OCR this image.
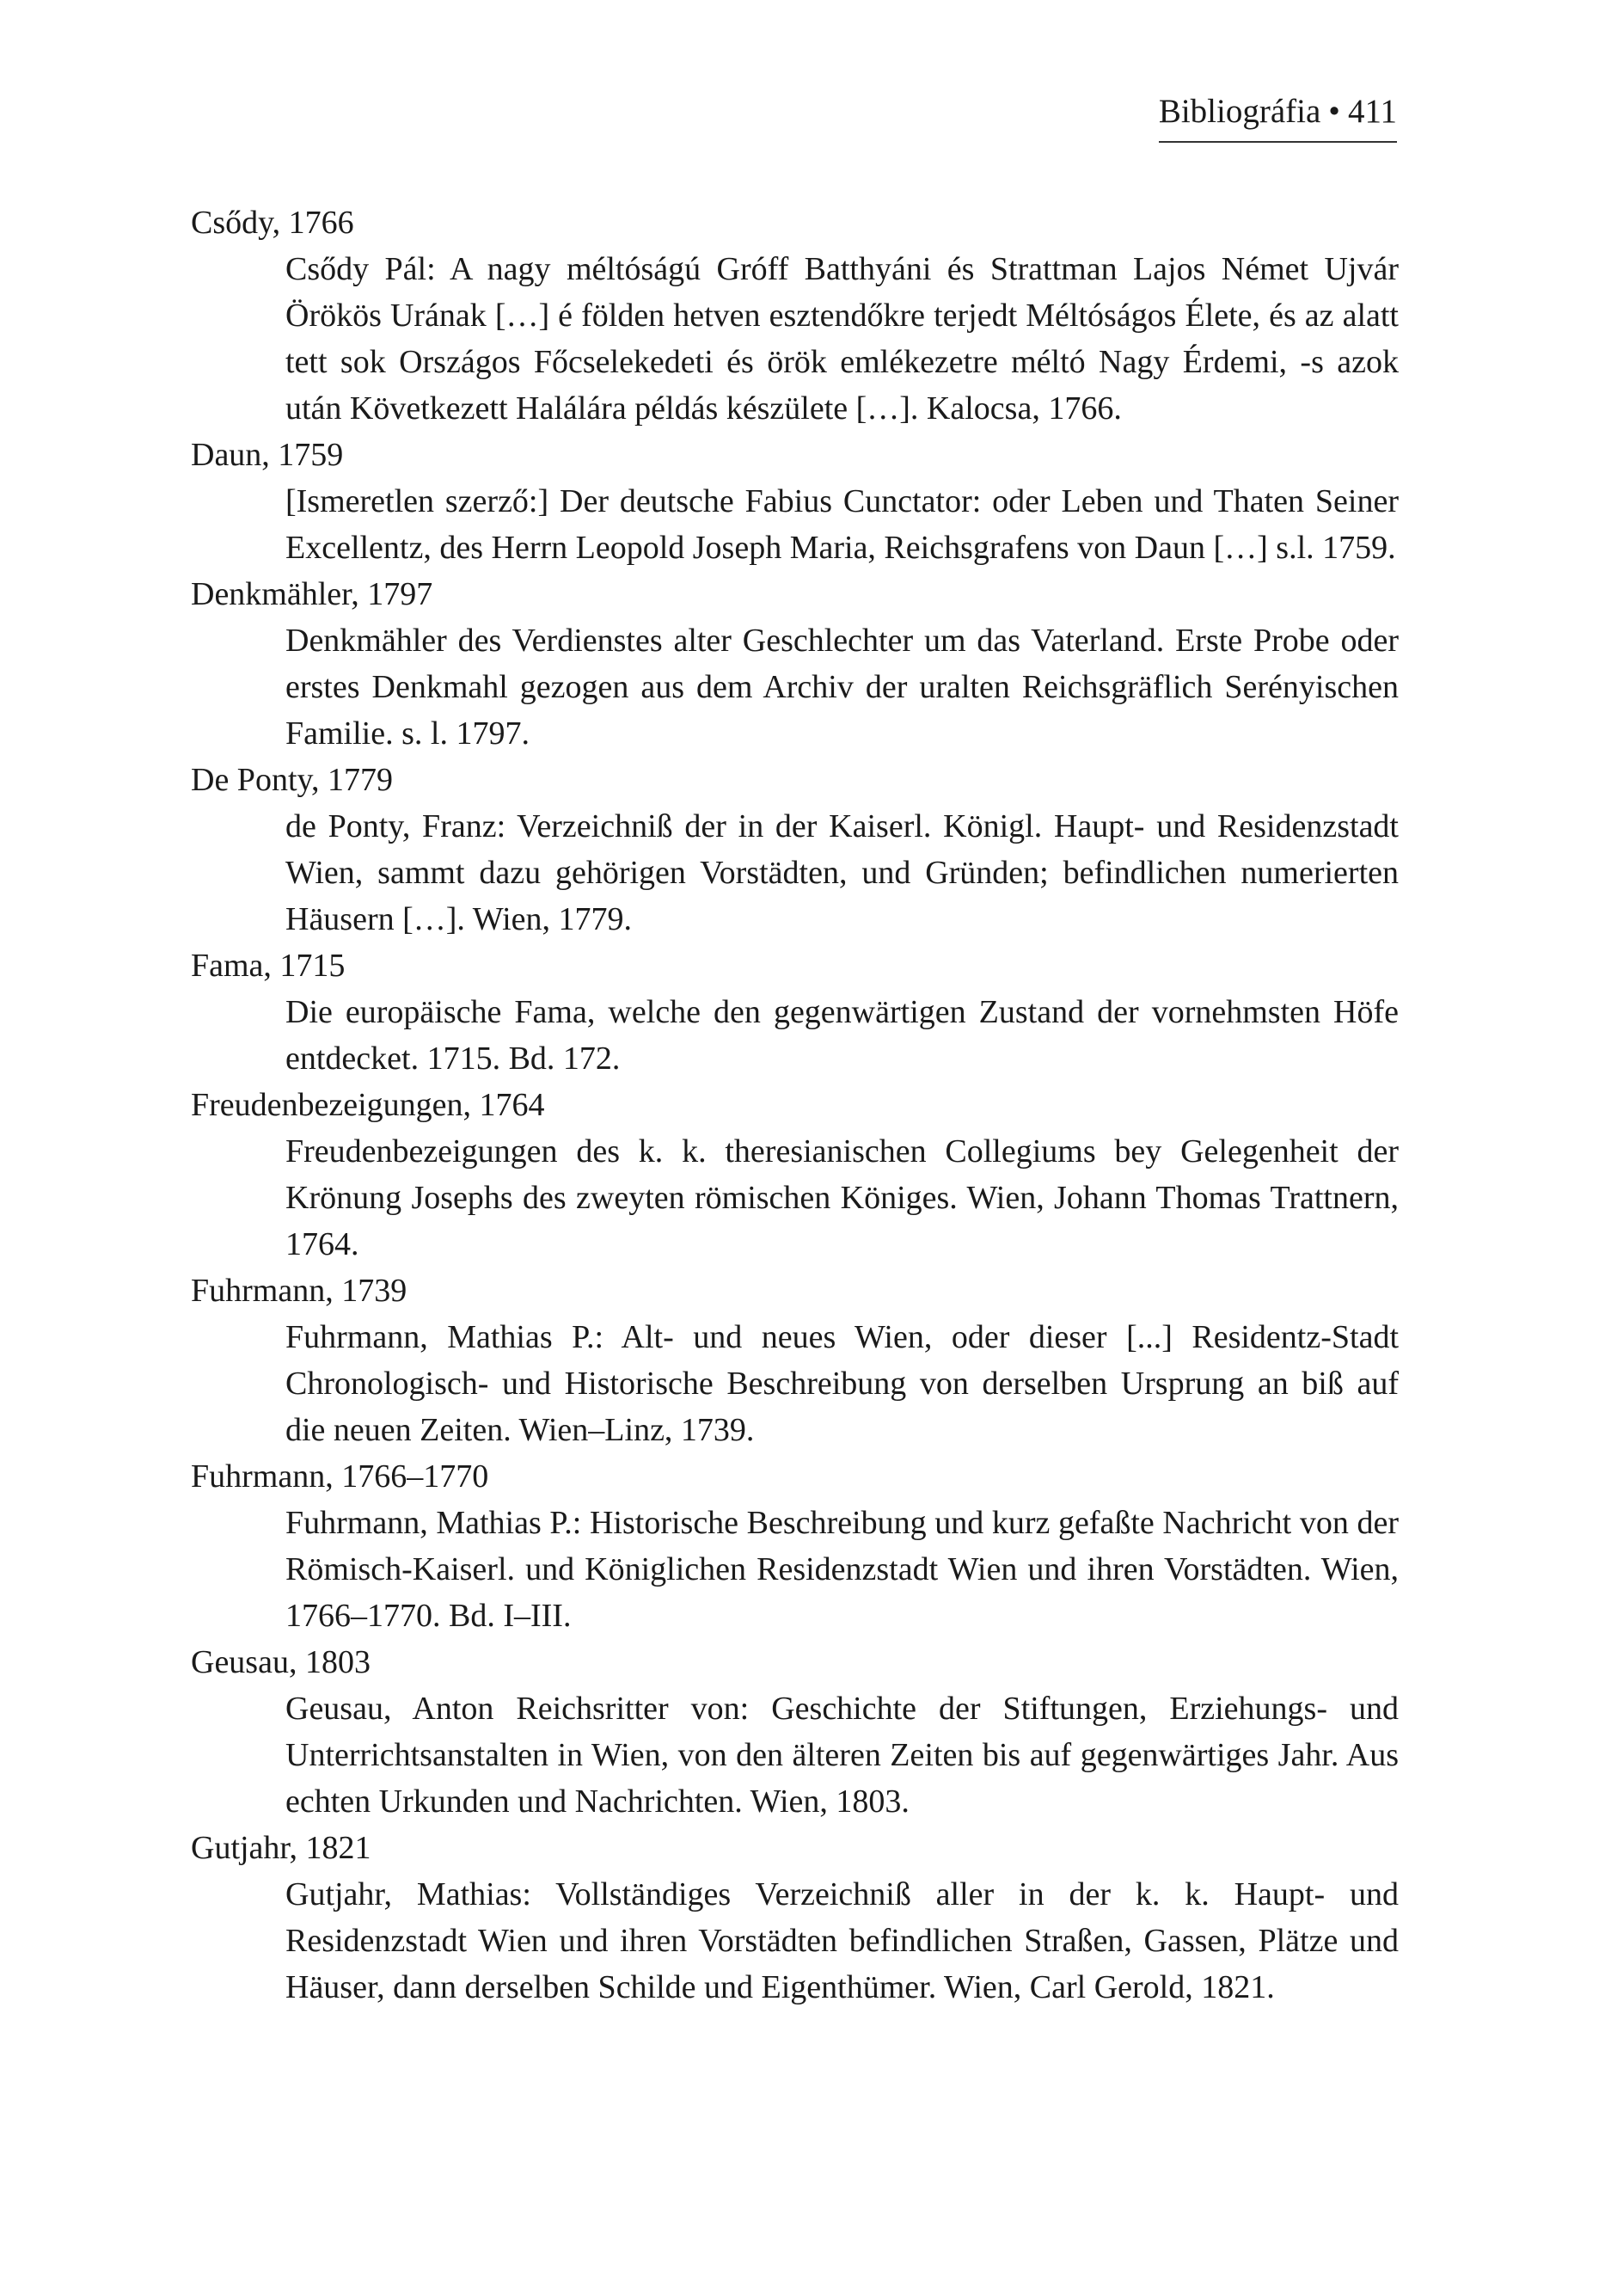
Bibliográfia • 411
Csődy, 1766
Csődy Pál: A nagy méltóságú Gróff Batthyáni és Strattman Lajos Német Ujvár Örökös Urának […] é földen hetven esztendőkre terjedt Méltóságos Élete, és az alatt tett sok Országos Főcselekedeti és örök emlékezetre méltó Nagy Érdemi, -s azok után Következett Halálára példás készülete […]. Kalocsa, 1766.
Daun, 1759
[Ismeretlen szerző:] Der deutsche Fabius Cunctator: oder Leben und Thaten Seiner Excellentz, des Herrn Leopold Joseph Maria, Reichsgrafens von Daun […] s.l. 1759.
Denkmähler, 1797
Denkmähler des Verdienstes alter Geschlechter um das Vaterland. Erste Probe oder erstes Denkmahl gezogen aus dem Archiv der uralten Reichsgräflich Serényischen Familie. s. l. 1797.
De Ponty, 1779
de Ponty, Franz: Verzeichniß der in der Kaiserl. Königl. Haupt- und Residenzstadt Wien, sammt dazu gehörigen Vorstädten, und Gründen; befindlichen numerierten Häusern […]. Wien, 1779.
Fama, 1715
Die europäische Fama, welche den gegenwärtigen Zustand der vornehmsten Höfe entdecket. 1715. Bd. 172.
Freudenbezeigungen, 1764
Freudenbezeigungen des k. k. theresianischen Collegiums bey Gelegenheit der Krönung Josephs des zweyten römischen Königes. Wien, Johann Thomas Trattnern, 1764.
Fuhrmann, 1739
Fuhrmann, Mathias P.: Alt- und neues Wien, oder dieser [...] Residentz-Stadt Chronologisch- und Historische Beschreibung von derselben Ursprung an biß auf die neuen Zeiten. Wien–Linz, 1739.
Fuhrmann, 1766–1770
Fuhrmann, Mathias P.: Historische Beschreibung und kurz gefaßte Nachricht von der Römisch-Kaiserl. und Königlichen Residenzstadt Wien und ihren Vorstädten. Wien, 1766–1770. Bd. I–III.
Geusau, 1803
Geusau, Anton Reichsritter von: Geschichte der Stiftungen, Erziehungs- und Unterrichtsanstalten in Wien, von den älteren Zeiten bis auf gegenwärtiges Jahr. Aus echten Urkunden und Nachrichten. Wien, 1803.
Gutjahr, 1821
Gutjahr, Mathias: Vollständiges Verzeichniß aller in der k. k. Haupt- und Residenzstadt Wien und ihren Vorstädten befindlichen Straßen, Gassen, Plätze und Häuser, dann derselben Schilde und Eigenthümer. Wien, Carl Gerold, 1821.
